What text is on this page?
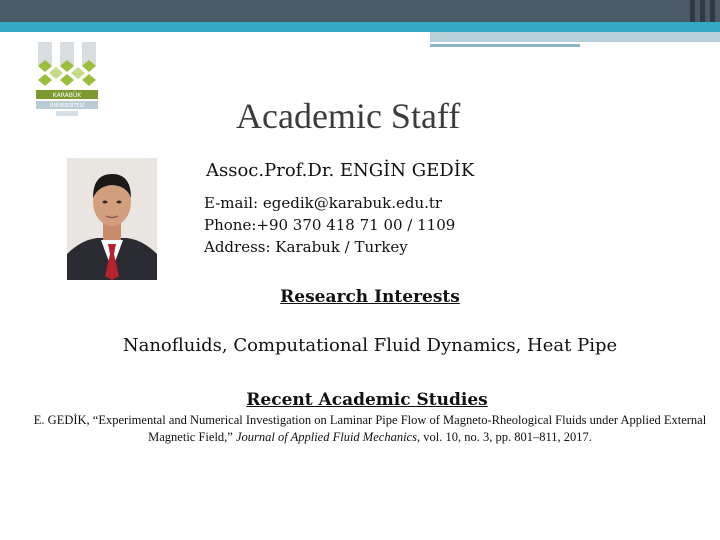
KARABÜK
ÜNİVERSİTESİ	Academic Staff
Assoc.Prof.Dr. ENGİN GEDİK
E-mail: egedik@karabuk.edu.tr
Phone:+90 370 418 71 00 / 1109
Address: Karabuk / Turkey
Research Interests

Nanofluids, Computational Fluid Dynamics, Heat Pipe

Recent Academic Studies

E. GEDİK, “Experimental and Numerical Investigation on Laminar Pipe Flow of Magneto-Rheological Fluids under Applied External Magnetic Field,” Journal of Applied Fluid Mechanics, vol. 10, no. 3, pp. 801–811, 2017.
